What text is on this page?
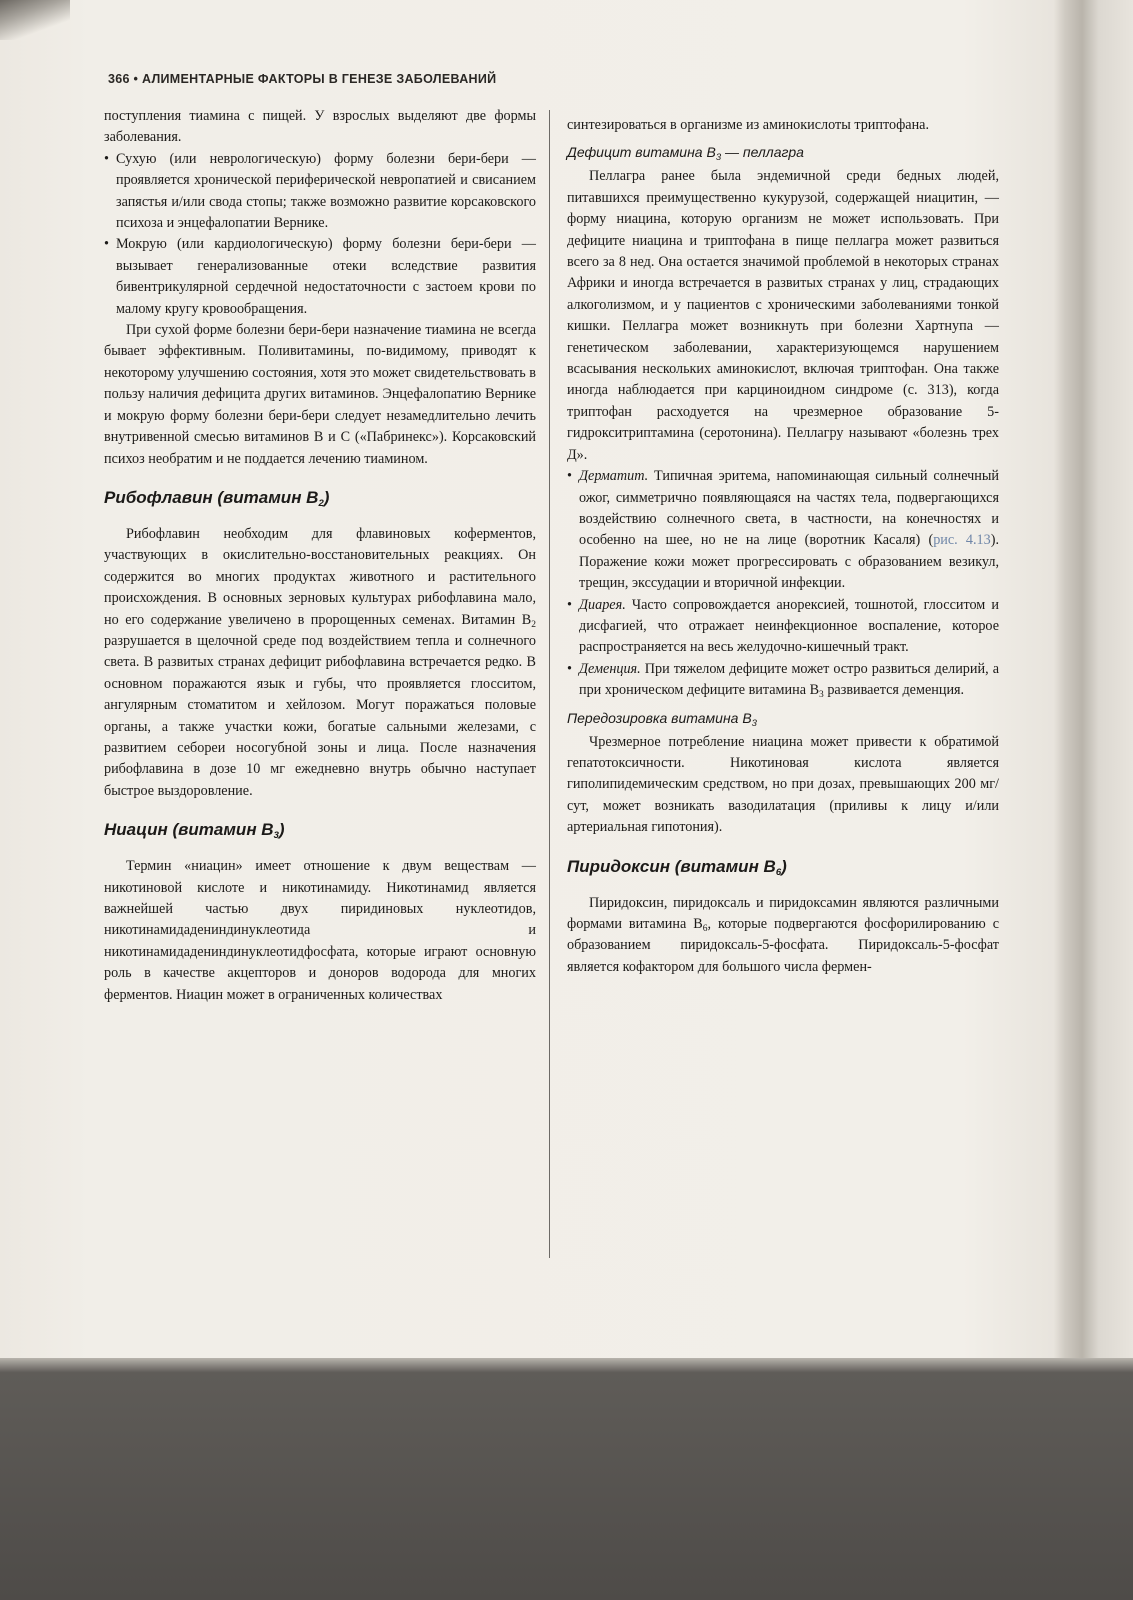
366 • АЛИМЕНТАРНЫЕ ФАКТОРЫ В ГЕНЕЗЕ ЗАБОЛЕВАНИЙ

поступления тиамина с пищей. У взрослых выделяют две формы заболевания.

• Сухую (или неврологическую) форму болезни бери-бери — проявляется хронической периферической невропатией и свисанием запястья и/или свода стопы; также возможно развитие корсаковского психоза и энцефалопатии Вернике.

• Мокрую (или кардиологическую) форму болезни бери-бери — вызывает генерализованные отеки вследствие развития бивентрикулярной сердечной недостаточности с застоем крови по малому кругу кровообращения.

При сухой форме болезни бери-бери назначение тиамина не всегда бывает эффективным. Поливитамины, по-видимому, приводят к некоторому улучшению состояния, хотя это может свидетельствовать в пользу наличия дефицита других витаминов. Энцефалопатию Вернике и мокрую форму болезни бери-бери следует незамедлительно лечить внутривенной смесью витаминов В и С («Пабринекс»). Корсаковский психоз необратим и не поддается лечению тиамином.

Рибофлавин (витамин $В_2$)

Рибофлавин необходим для флавиновых коферментов, участвующих в окислительно-восстановительных реакциях. Он содержится во многих продуктах животного и растительного происхождения. В основных зерновых культурах рибофлавина мало, но его содержание увеличено в пророщенных семенах. Витамин $В_2$ разрушается в щелочной среде под воздействием тепла и солнечного света. В развитых странах дефицит рибофлавина встречается редко. В основном поражаются язык и губы, что проявляется глосситом, ангулярным стоматитом и хейлозом. Могут поражаться половые органы, а также участки кожи, богатые сальными железами, с развитием себореи носогубной зоны и лица. После назначения рибофлавина в дозе 10 мг ежедневно внутрь обычно наступает быстрое выздоровление.

Ниацин (витамин $В_3$)

Термин «ниацин» имеет отношение к двум веществам — никотиновой кислоте и никотинамиду. Никотинамид является важнейшей частью двух пиридиновых нуклеотидов, никотинамидадениндинуклеотида и никотинамидадениндинуклеотидфосфата, которые играют основную роль в качестве акцепторов и доноров водорода для многих ферментов. Ниацин может в ограниченных количествах

синтезироваться в организме из аминокислоты триптофана.

Дефицит витамина $В_3$ — пеллагра

Пеллагра ранее была эндемичной среди бедных людей, питавшихся преимущественно кукурузой, содержащей ниацитин, — форму ниацина, которую организм не может использовать. При дефиците ниацина и триптофана в пище пеллагра может развиться всего за 8 нед. Она остается значимой проблемой в некоторых странах Африки и иногда встречается в развитых странах у лиц, страдающих алкоголизмом, и у пациентов с хроническими заболеваниями тонкой кишки. Пеллагра может возникнуть при болезни Хартнупа — генетическом заболевании, характеризующемся нарушением всасывания нескольких аминокислот, включая триптофан. Она также иногда наблюдается при карциноидном синдроме (с. 313), когда триптофан расходуется на чрезмерное образование 5-гидрокситриптамина (серотонина). Пеллагру называют «болезнь трех Д».

• Дерматит. Типичная эритема, напоминающая сильный солнечный ожог, симметрично появляющаяся на частях тела, подвергающихся воздействию солнечного света, в частности, на конечностях и особенно на шее, но не на лице (воротник Касаля) (рис. 4.13). Поражение кожи может прогрессировать с образованием везикул, трещин, экссудации и вторичной инфекции.

• Диарея. Часто сопровождается анорексией, тошнотой, глосситом и дисфагией, что отражает неинфекционное воспаление, которое распространяется на весь желудочно-кишечный тракт.

• Деменция. При тяжелом дефиците может остро развиться делирий, а при хроническом дефиците витамина $В_3$ развивается деменция.

Передозировка витамина $В_3$

Чрезмерное потребление ниацина может привести к обратимой гепатотоксичности. Никотиновая кислота является гиполипидемическим средством, но при дозах, превышающих 200 мг/сут, может возникать вазодилатация (приливы к лицу и/или артериальная гипотония).

Пиридоксин (витамин $В_6$)

Пиридоксин, пиридоксаль и пиридоксамин являются различными формами витамина $В_6$, которые подвергаются фосфорилированию с образованием пиридоксаль-5-фосфата. Пиридоксаль-5-фосфат является кофактором для большого числа фермен-
